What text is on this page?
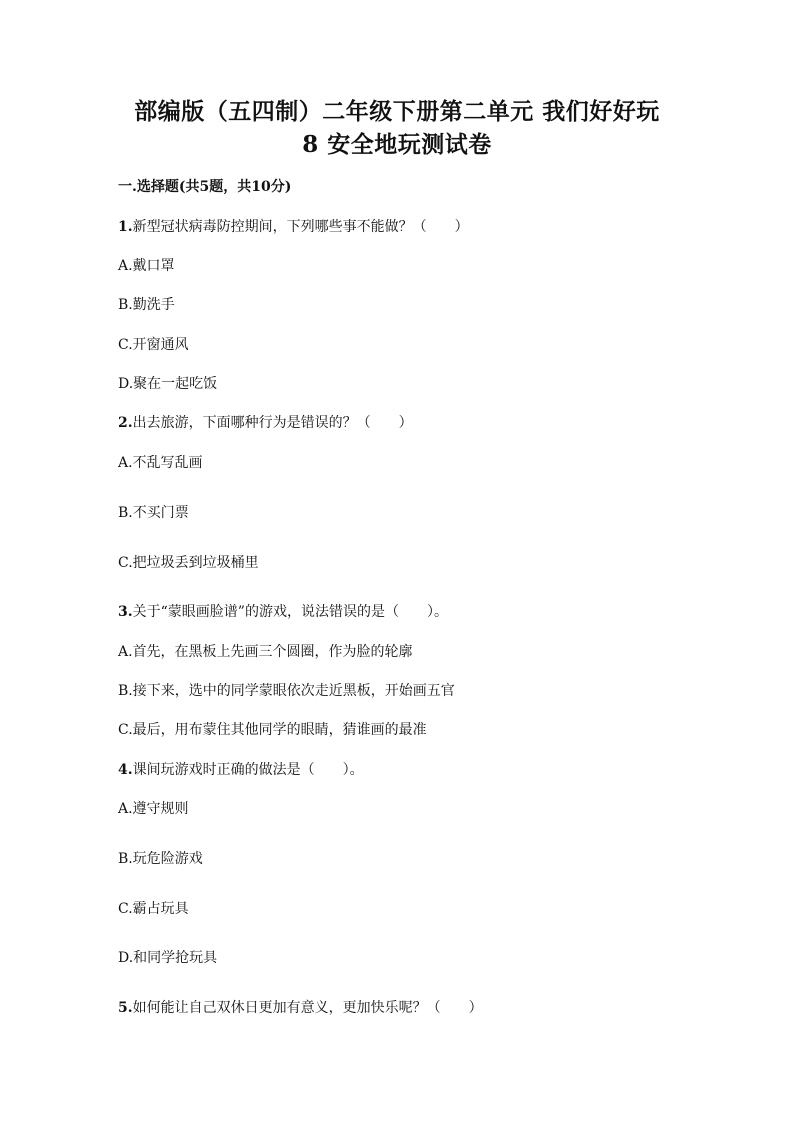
部编版（五四制）二年级下册第二单元 我们好好玩
8 安全地玩测试卷
一.选择题(共5题，共10分)
1.新型冠状病毒防控期间，下列哪些事不能做？（　　）
A.戴口罩
B.勤洗手
C.开窗通风
D.聚在一起吃饭
2.出去旅游，下面哪种行为是错误的？（　　）
A.不乱写乱画
B.不买门票
C.把垃圾丢到垃圾桶里
3.关于“蒙眼画脸谱”的游戏，说法错误的是（　　）。
A.首先，在黑板上先画三个圆圈，作为脸的轮廓
B.接下来，选中的同学蒙眼依次走近黑板，开始画五官
C.最后，用布蒙住其他同学的眼睛，猜谁画的最准
4.课间玩游戏时正确的做法是（　　）。
A.遵守规则
B.玩危险游戏
C.霸占玩具
D.和同学抢玩具
5.如何能让自己双休日更加有意义，更加快乐呢？（　　）
